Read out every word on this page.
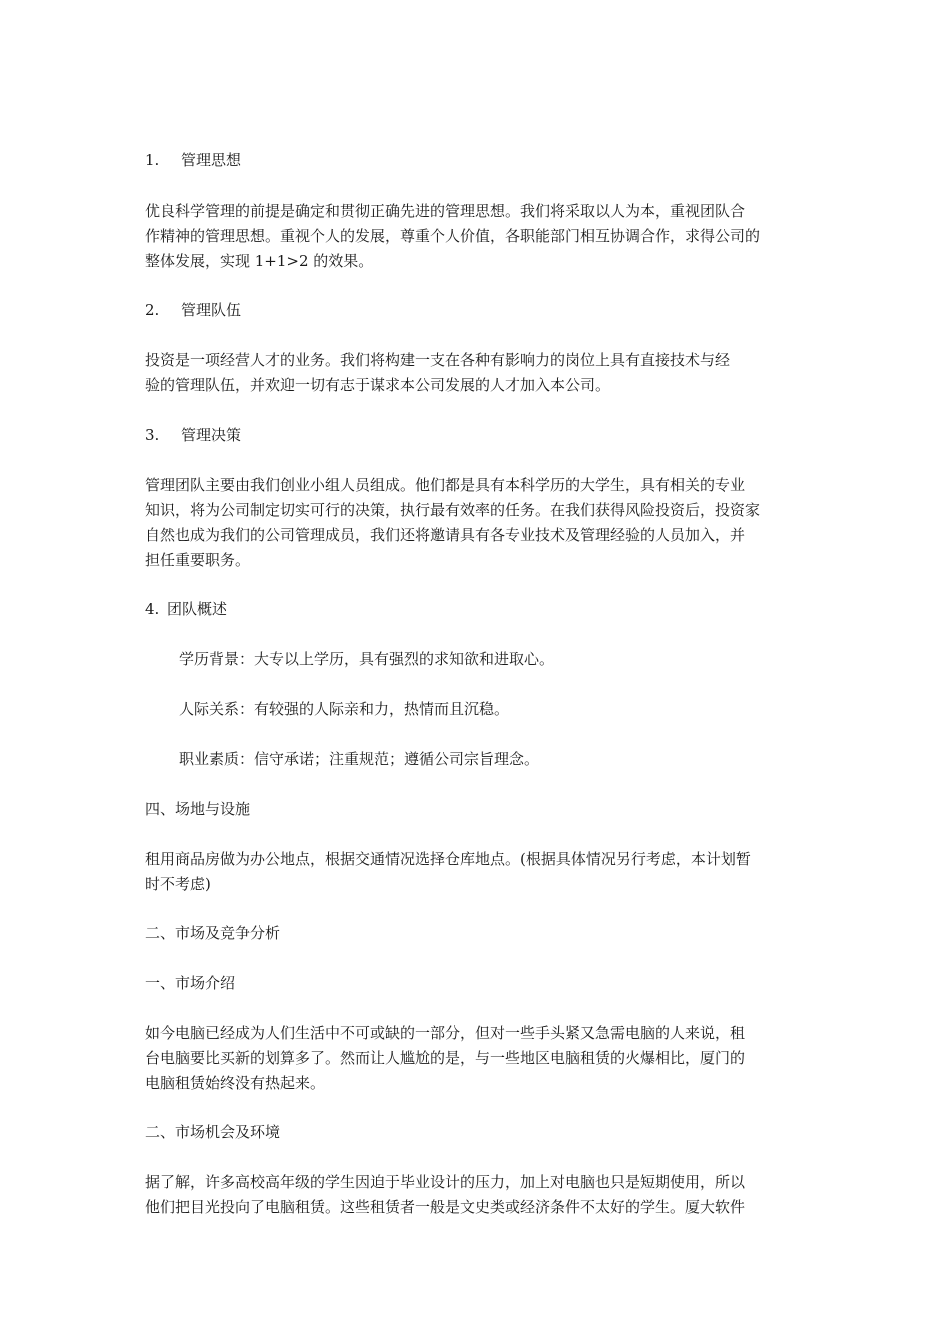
1. 管理思想

优良科学管理的前提是确定和贯彻正确先进的管理思想。我们将采取以人为本，重视团队合
作精神的管理思想。重视个人的发展，尊重个人价值，各职能部门相互协调合作，求得公司的
整体发展，实现 1+1>2 的效果。

2. 管理队伍

投资是一项经营人才的业务。我们将构建一支在各种有影响力的岗位上具有直接技术与经
验的管理队伍，并欢迎一切有志于谋求本公司发展的人才加入本公司。

3. 管理决策

管理团队主要由我们创业小组人员组成。他们都是具有本科学历的大学生，具有相关的专业
知识，将为公司制定切实可行的决策，执行最有效率的任务。在我们获得风险投资后，投资家
自然也成为我们的公司管理成员，我们还将邀请具有各专业技术及管理经验的人员加入，并
担任重要职务。

4. 团队概述

学历背景：大专以上学历，具有强烈的求知欲和进取心。

人际关系：有较强的人际亲和力，热情而且沉稳。

职业素质：信守承诺；注重规范；遵循公司宗旨理念。

四、场地与设施

租用商品房做为办公地点，根据交通情况选择仓库地点。(根据具体情况另行考虑，本计划暂
时不考虑)

二、市场及竞争分析

一、市场介绍

如今电脑已经成为人们生活中不可或缺的一部分，但对一些手头紧又急需电脑的人来说，租
台电脑要比买新的划算多了。然而让人尴尬的是，与一些地区电脑租赁的火爆相比，厦门的
电脑租赁始终没有热起来。

二、市场机会及环境

据了解，许多高校高年级的学生因迫于毕业设计的压力，加上对电脑也只是短期使用，所以
他们把目光投向了电脑租赁。这些租赁者一般是文史类或经济条件不太好的学生。厦大软件
